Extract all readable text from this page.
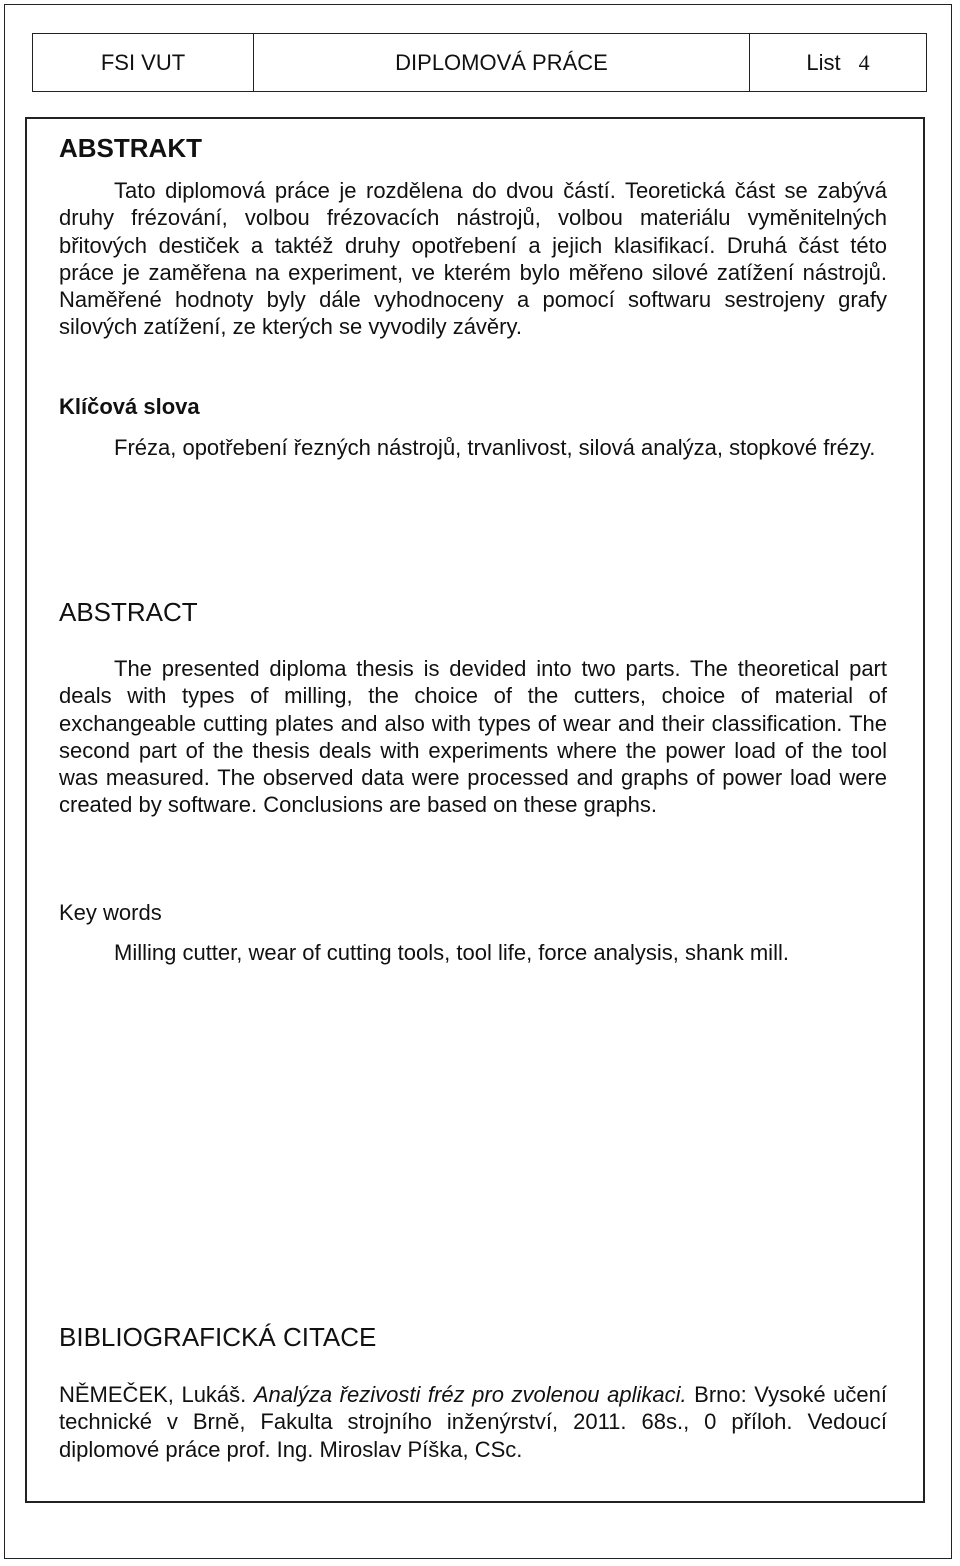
FSI VUT	DIPLOMOVÁ PRÁCE	List 4
ABSTRAKT

Tato diplomová práce je rozdělena do dvou částí. Teoretická část se zabývá druhy frézování, volbou frézovacích nástrojů, volbou materiálu vyměnitelných břitových destiček a taktéž druhy opotřebení a jejich klasifikací. Druhá část této práce je zaměřena na experiment, ve kterém bylo měřeno silové zatížení nástrojů. Naměřené hodnoty byly dále vyhodnoceny a pomocí softwaru sestrojeny grafy silových zatížení, ze kterých se vyvodily závěry.

Klíčová slova

Fréza, opotřebení řezných nástrojů, trvanlivost, silová analýza, stopkové frézy.

ABSTRACT

The presented diploma thesis is devided into two parts. The theoretical part deals with types of milling, the choice of the cutters, choice of material of exchangeable cutting plates and also with types of wear and their classification. The second part of the thesis deals with experiments where the power load of the tool was measured. The observed data were processed and graphs of power load were created by software. Conclusions are based on these graphs.

Key words

Milling cutter, wear of cutting tools, tool life, force analysis, shank mill.

BIBLIOGRAFICKÁ CITACE

NĚMEČEK, Lukáš. Analýza řezivosti fréz pro zvolenou aplikaci. Brno: Vysoké učení technické v Brně, Fakulta strojního inženýrství, 2011. 68s., 0 příloh. Vedoucí diplomové práce prof. Ing. Miroslav Píška, CSc.
